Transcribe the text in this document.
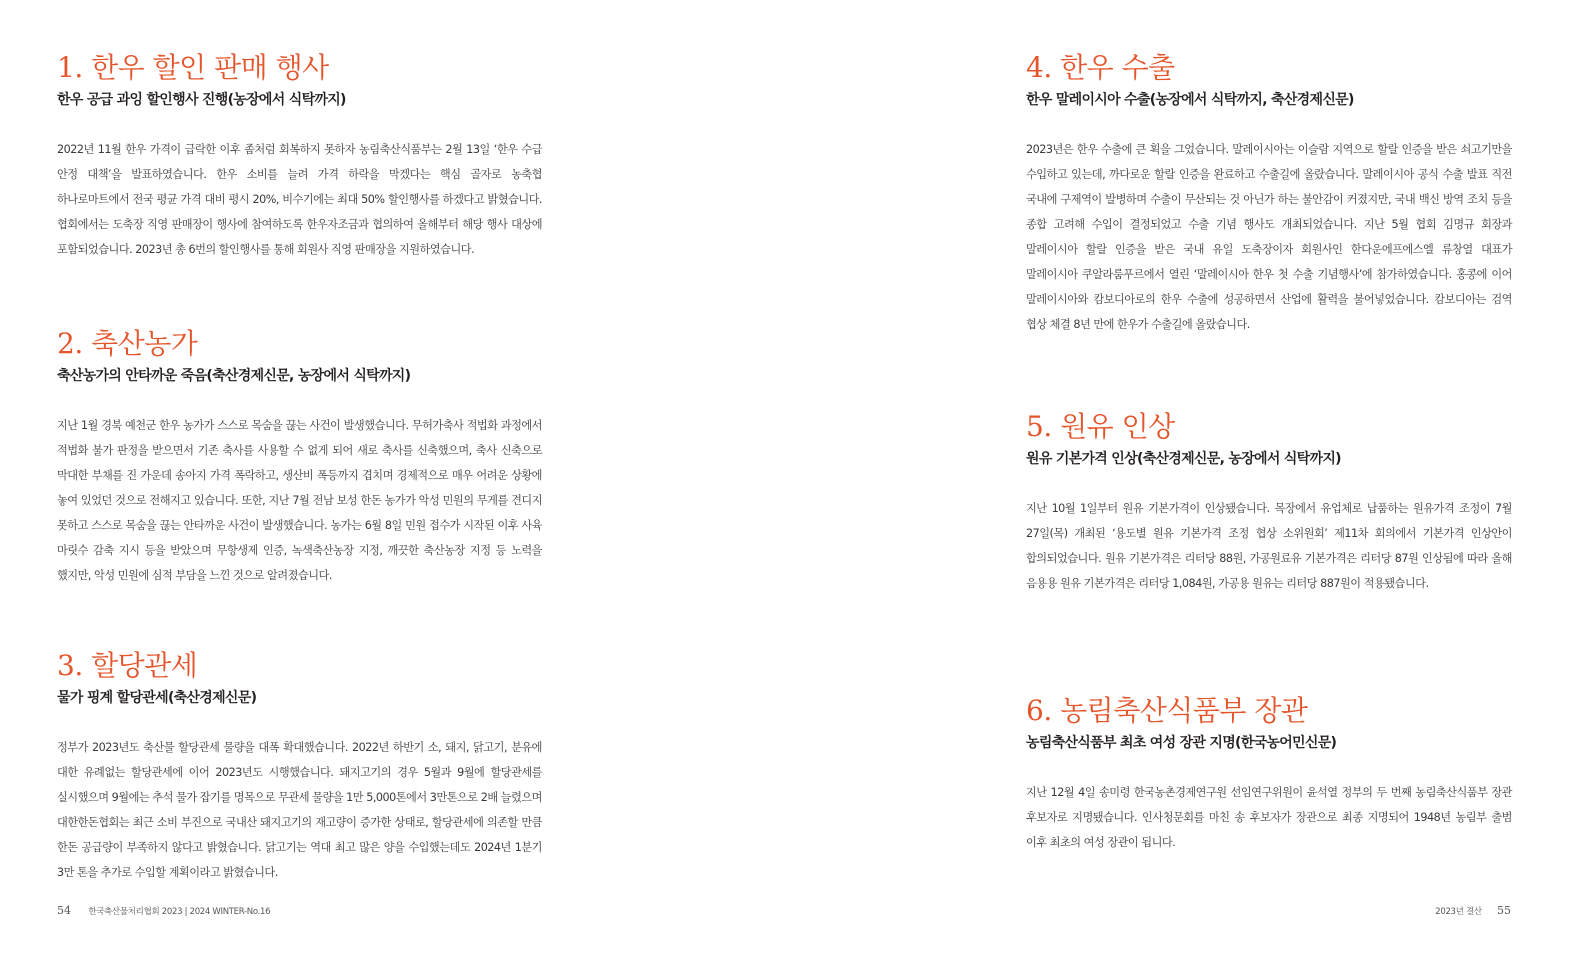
1. 한우 할인 판매 행사
한우 공급 과잉 할인행사 진행(농장에서 식탁까지)

2022년 11월 한우 가격이 급락한 이후 좀처럼 회복하지 못하자 농림축산식품부는 2월 13일 ‘한우 수급 안정 대책’을 발표하였습니다. 한우 소비를 늘려 가격 하락을 막겠다는 핵심 골자로 농축협 하나로마트에서 전국 평균 가격 대비 평시 20%, 비수기에는 최대 50% 할인행사를 하겠다고 밝혔습니다. 협회에서는 도축장 직영 판매장이 행사에 참여하도록 한우자조금과 협의하여 올해부터 해당 행사 대상에 포함되었습니다. 2023년 총 6번의 할인행사를 통해 회원사 직영 판매장을 지원하였습니다.

2. 축산농가
축산농가의 안타까운 죽음(축산경제신문, 농장에서 식탁까지)

지난 1월 경북 예천군 한우 농가가 스스로 목숨을 끊는 사건이 발생했습니다. 무허가축사 적법화 과정에서 적법화 불가 판정을 받으면서 기존 축사를 사용할 수 없게 되어 새로 축사를 신축했으며, 축사 신축으로 막대한 부채를 진 가운데 송아지 가격 폭락하고, 생산비 폭등까지 겹치며 경제적으로 매우 어려운 상황에 놓여 있었던 것으로 전해지고 있습니다. 또한, 지난 7월 전남 보성 한돈 농가가 악성 민원의 무게를 견디지 못하고 스스로 목숨을 끊는 안타까운 사건이 발생했습니다. 농가는 6월 8일 민원 접수가 시작된 이후 사육 마릿수 감축 지시 등을 받았으며 무항생제 인증, 녹색축산농장 지정, 깨끗한 축산농장 지정 등 노력을 했지만, 악성 민원에 심적 부담을 느낀 것으로 알려졌습니다.

3. 할당관세
물가 핑계 할당관세(축산경제신문)

정부가 2023년도 축산물 할당관세 물량을 대폭 확대했습니다. 2022년 하반기 소, 돼지, 닭고기, 분유에 대한 유례없는 할당관세에 이어 2023년도 시행했습니다. 돼지고기의 경우 5월과 9월에 할당관세를 실시했으며 9월에는 추석 물가 잡기를 명목으로 무관세 물량을 1만 5,000톤에서 3만톤으로 2배 늘렸으며 대한한돈협회는 최근 소비 부진으로 국내산 돼지고기의 재고량이 증가한 상태로, 할당관세에 의존할 만큼 한돈 공급량이 부족하지 않다고 밝혔습니다. 닭고기는 역대 최고 많은 양을 수입했는데도 2024년 1분기 3만 톤을 추가로 수입할 계획이라고 밝혔습니다.

54 한국축산물처리협회 2023 | 2024 WINTER-No.16
4. 한우 수출
한우 말레이시아 수출(농장에서 식탁까지, 축산경제신문)

2023년은 한우 수출에 큰 획을 그었습니다. 말레이시아는 이슬람 지역으로 할랄 인증을 받은 쇠고기만을 수입하고 있는데, 까다로운 할랄 인증을 완료하고 수출길에 올랐습니다. 말레이시아 공식 수출 발표 직전 국내에 구제역이 발병하며 수출이 무산되는 것 아닌가 하는 불안감이 커졌지만, 국내 백신 방역 조치 등을 종합 고려해 수입이 결정되었고 수출 기념 행사도 개최되었습니다. 지난 5월 협회 김명규 회장과 말레이시아 할랄 인증을 받은 국내 유일 도축장이자 회원사인 한다운에프에스엘 류창열 대표가 말레이시아 쿠알라룸푸르에서 열린 ‘말레이시아 한우 첫 수출 기념행사’에 참가하였습니다. 홍콩에 이어 말레이시아와 캄보디아로의 한우 수출에 성공하면서 산업에 활력을 불어넣었습니다. 캄보디아는 검역 협상 체결 8년 만에 한우가 수출길에 올랐습니다.

5. 원유 인상
원유 기본가격 인상(축산경제신문, 농장에서 식탁까지)

지난 10월 1일부터 원유 기본가격이 인상됐습니다. 목장에서 유업체로 납품하는 원유가격 조정이 7월 27일(목) 개최된 ‘용도별 원유 기본가격 조정 협상 소위원회’ 제11차 회의에서 기본가격 인상안이 합의되었습니다. 원유 기본가격은 리터당 88원, 가공원료유 기본가격은 리터당 87원 인상됨에 따라 올해 음용용 원유 기본가격은 리터당 1,084원, 가공용 원유는 리터당 887원이 적용됐습니다.

6. 농림축산식품부 장관
농림축산식품부 최초 여성 장관 지명(한국농어민신문)

지난 12월 4일 송미령 한국농촌경제연구원 선임연구위원이 윤석열 정부의 두 번째 농림축산식품부 장관 후보자로 지명됐습니다. 인사청문회를 마친 송 후보자가 장관으로 최종 지명되어 1948년 농림부 출범 이후 최초의 여성 장관이 됩니다.

2023년 결산 55
